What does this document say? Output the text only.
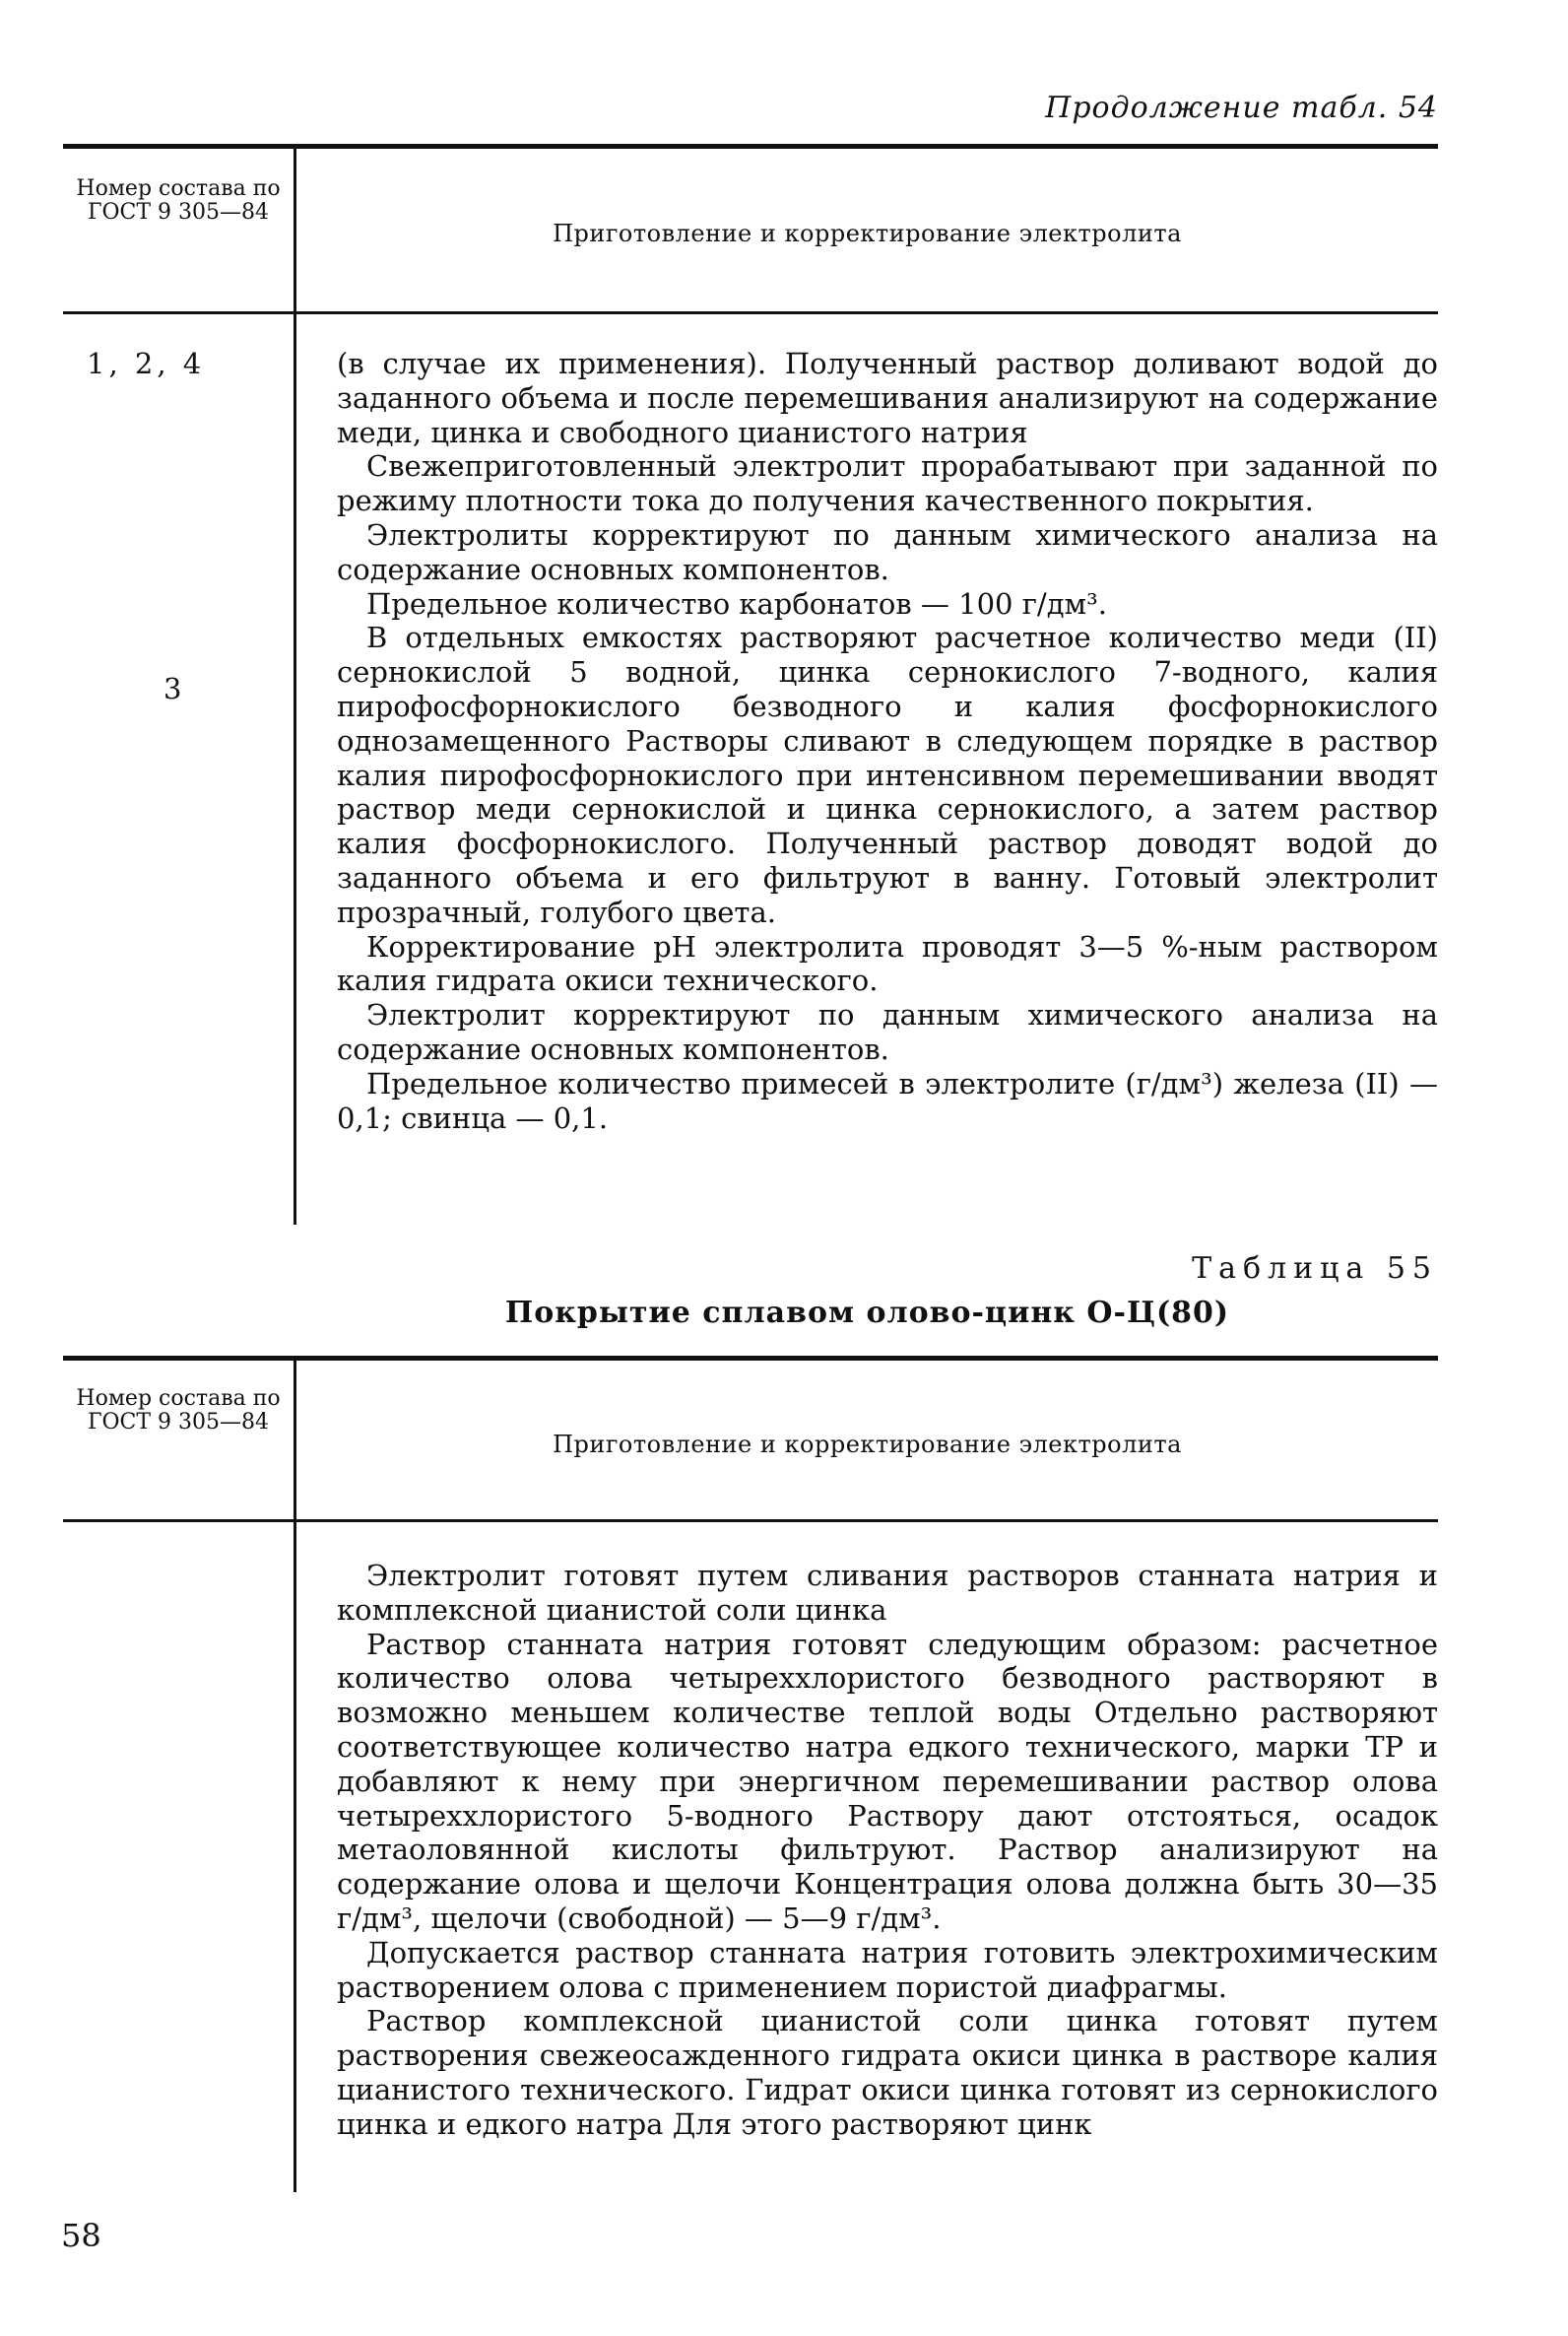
Продолжение табл. 54
Номер состава по ГОСТ 9 305—84
Приготовление и корректирование электролита
1, 2, 4
3

(в случае их применения). Полученный раствор доливают водой до заданного объема и после перемешивания анализируют на содержание меди, цинка и свободного цианистого натрия

Свежеприготовленный электролит прорабатывают при заданной по режиму плотности тока до получения качественного покрытия.

Электролиты корректируют по данным химического анализа на содержание основных компонентов.

Предельное количество карбонатов — 100 г/дм³.

В отдельных емкостях растворяют расчетное количество меди (II) сернокислой 5 водной, цинка сернокислого 7-водного, калия пирофосфорнокислого безводного и калия фосфорнокислого однозамещенного Растворы сливают в следующем порядке в раствор калия пирофосфорнокислого при интенсивном перемешивании вводят раствор меди сернокислой и цинка сернокислого, а затем раствор калия фосфорнокислого. Полученный раствор доводят водой до заданного объема и его фильтруют в ванну. Готовый электролит прозрачный, голубого цвета.

Корректирование pH электролита проводят 3—5 %-ным раствором калия гидрата окиси технического.

Электролит корректируют по данным химического анализа на содержание основных компонентов.

Предельное количество примесей в электролите (г/дм³) железа (II) — 0,1; свинца — 0,1.

Таблица 55
Покрытие сплавом олово-цинк О-Ц(80)
Номер состава по ГОСТ 9 305—84
Приготовление и корректирование электролита

Электролит готовят путем сливания растворов станната натрия и комплексной цианистой соли цинка

Раствор станната натрия готовят следующим образом: расчетное количество олова четыреххлористого безводного растворяют в возможно меньшем количестве теплой воды Отдельно растворяют соответствующее количество натра едкого технического, марки ТР и добавляют к нему при энергичном перемешивании раствор олова четыреххлористого 5-водного Раствору дают отстояться, осадок метаоловянной кислоты фильтруют. Раствор анализируют на содержание олова и щелочи Концентрация олова должна быть 30—35 г/дм³, щелочи (свободной) — 5—9 г/дм³.

Допускается раствор станната натрия готовить электрохимическим растворением олова с применением пористой диафрагмы.

Раствор комплексной цианистой соли цинка готовят путем растворения свежеосажденного гидрата окиси цинка в растворе калия цианистого технического. Гидрат окиси цинка готовят из сернокислого цинка и едкого натра Для этого растворяют цинк

58
